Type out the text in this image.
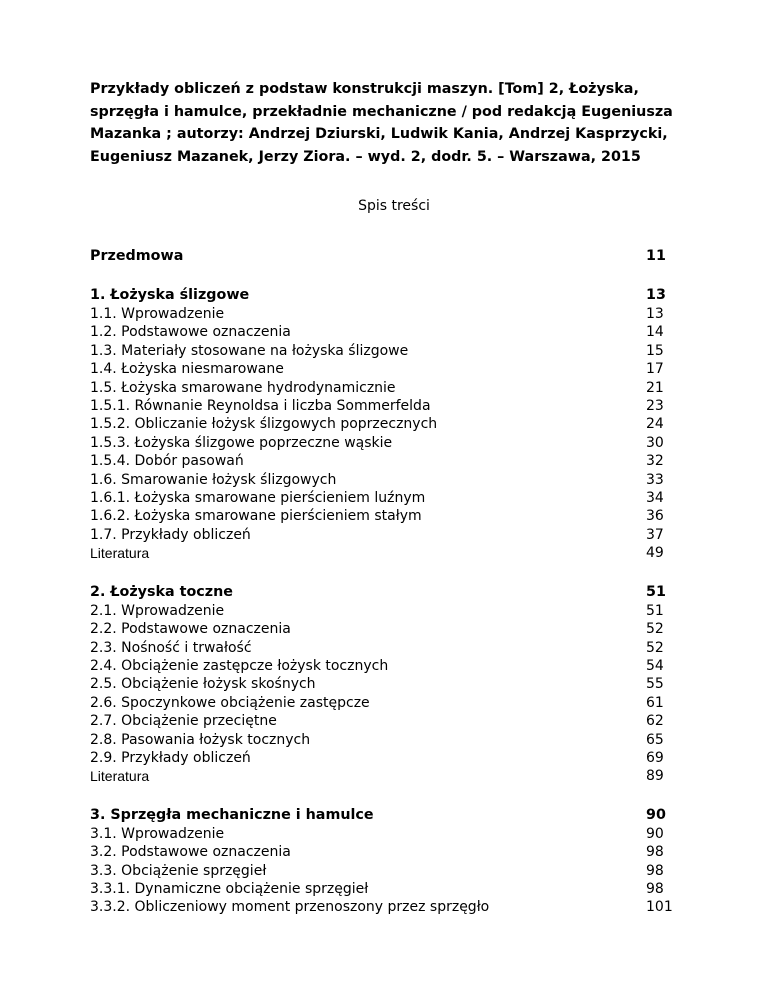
Przykłady obliczeń z podstaw konstrukcji maszyn. [Tom] 2, Łożyska, sprzęgła i hamulce, przekładnie mechaniczne / pod redakcją Eugeniusza Mazanka ; autorzy: Andrzej Dziurski, Ludwik Kania, Andrzej Kasprzycki, Eugeniusz Mazanek, Jerzy Ziora. – wyd. 2, dodr. 5. – Warszawa, 2015

Spis treści
Przedmowa	11
1. Łożyska ślizgowe	13
1.1. Wprowadzenie	13
1.2. Podstawowe oznaczenia	14
1.3. Materiały stosowane na łożyska ślizgowe	15
1.4. Łożyska niesmarowane	17
1.5. Łożyska smarowane hydrodynamicznie	21
1.5.1. Równanie Reynoldsa i liczba Sommerfelda	23
1.5.2. Obliczanie łożysk ślizgowych poprzecznych	24
1.5.3. Łożyska ślizgowe poprzeczne wąskie	30
1.5.4. Dobór pasowań	32
1.6. Smarowanie łożysk ślizgowych	33
1.6.1. Łożyska smarowane pierścieniem luźnym	34
1.6.2. Łożyska smarowane pierścieniem stałym	36
1.7. Przykłady obliczeń	37
Literatura	49
2. Łożyska toczne	51
2.1. Wprowadzenie	51
2.2. Podstawowe oznaczenia	52
2.3. Nośność i trwałość	52
2.4. Obciążenie zastępcze łożysk tocznych	54
2.5. Obciążenie łożysk skośnych	55
2.6. Spoczynkowe obciążenie zastępcze	61
2.7. Obciążenie przeciętne	62
2.8. Pasowania łożysk tocznych	65
2.9. Przykłady obliczeń	69
Literatura	89
3. Sprzęgła mechaniczne i hamulce	90
3.1. Wprowadzenie	90
3.2. Podstawowe oznaczenia	98
3.3. Obciążenie sprzęgieł	98
3.3.1. Dynamiczne obciążenie sprzęgieł	98
3.3.2. Obliczeniowy moment przenoszony przez sprzęgło	101
